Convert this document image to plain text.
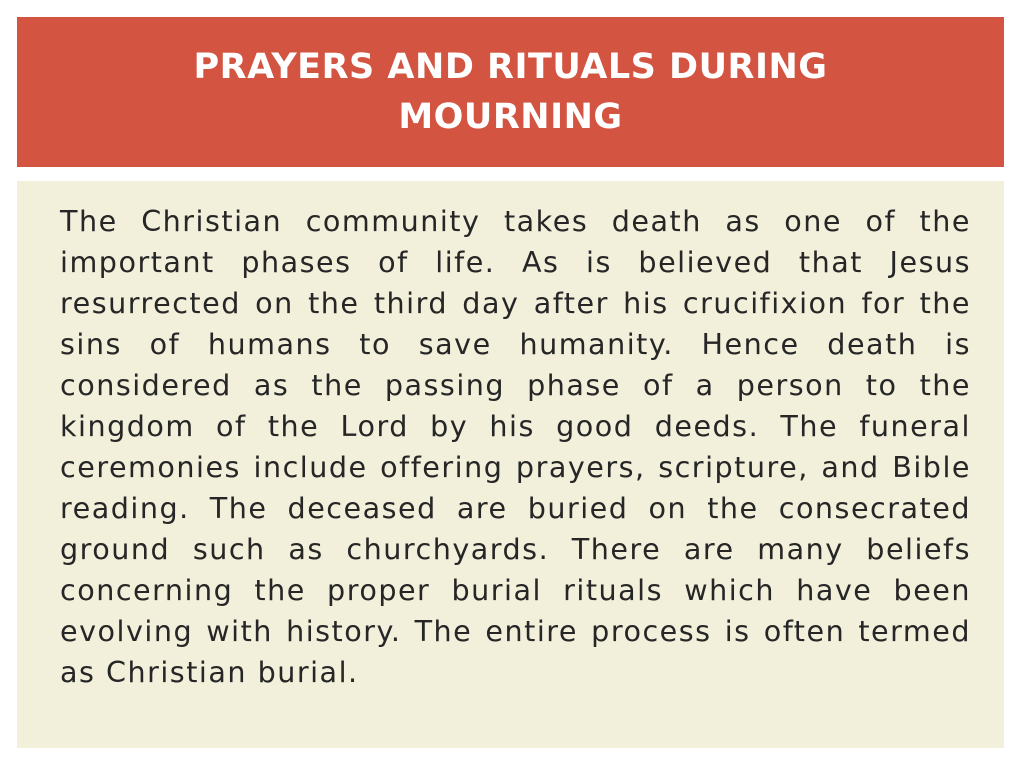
PRAYERS AND RITUALS DURING MOURNING

The Christian community takes death as one of the important phases of life. As is believed that Jesus resurrected on the third day after his crucifixion for the sins of humans to save humanity. Hence death is considered as the passing phase of a person to the kingdom of the Lord by his good deeds. The funeral ceremonies include offering prayers, scripture, and Bible reading. The deceased are buried on the consecrated ground such as churchyards. There are many beliefs concerning the proper burial rituals which have been evolving with history. The entire process is often termed as Christian burial.
